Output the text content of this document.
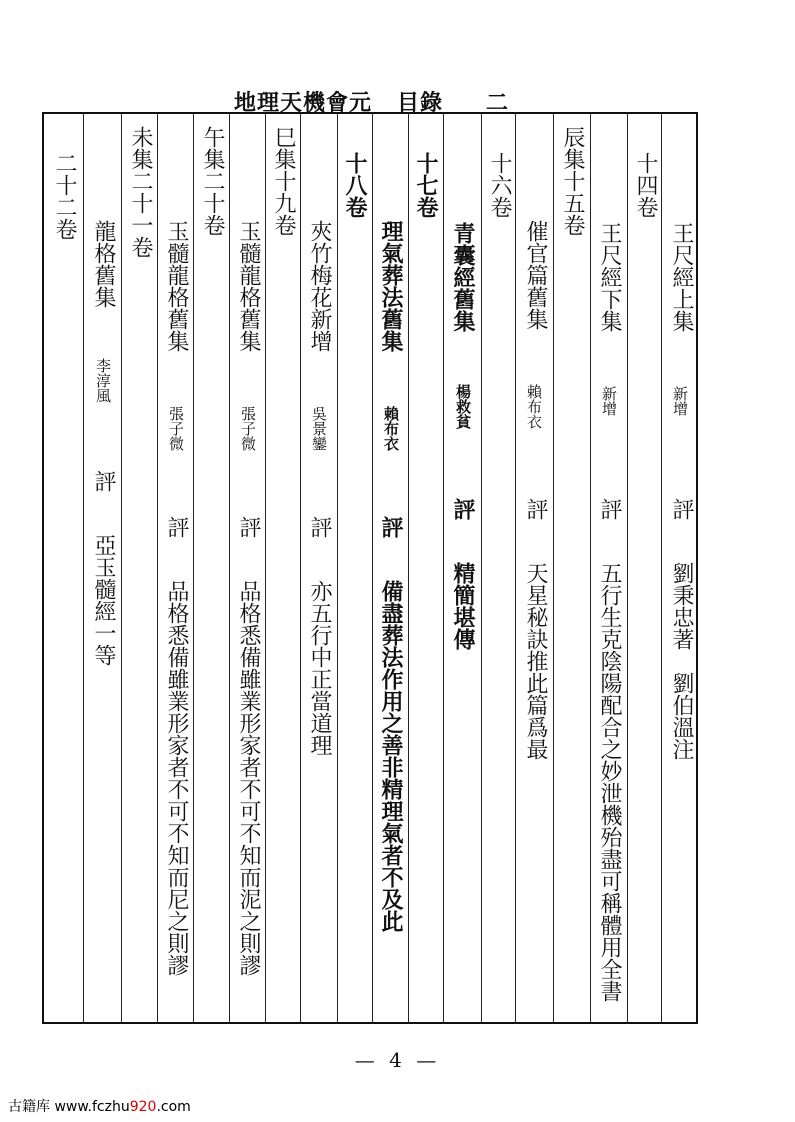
地理天機會元 目錄 二
王尺經上集
新增
評
劉秉忠著　劉伯溫注
十四卷
王尺經下集
新增
評
五行生克陰陽配合之妙泄機殆盡可稱體用全書
辰集十五卷
催官篇舊集
賴布衣
評
天星秘訣推此篇爲最
十六卷
青囊經舊集
楊救貧
評
精簡堪傳
十七卷
理氣葬法舊集
賴布衣
評
備盡葬法作用之善非精理氣者不及此
十八卷
夾竹梅花新增
吳景鑾
評
亦五行中正當道理
巳集十九卷
玉髓龍格舊集
張子微
評
品格悉備雖業形家者不可不知而泥之則謬
午集二十卷
玉髓龍格舊集
張子微
評
品格悉備雖業形家者不可不知而尼之則謬
未集二十一卷
龍格舊集
李淳風
評
亞玉髓經一等
二十二卷
— 4 —
古籍库 www.fczhu920.com
